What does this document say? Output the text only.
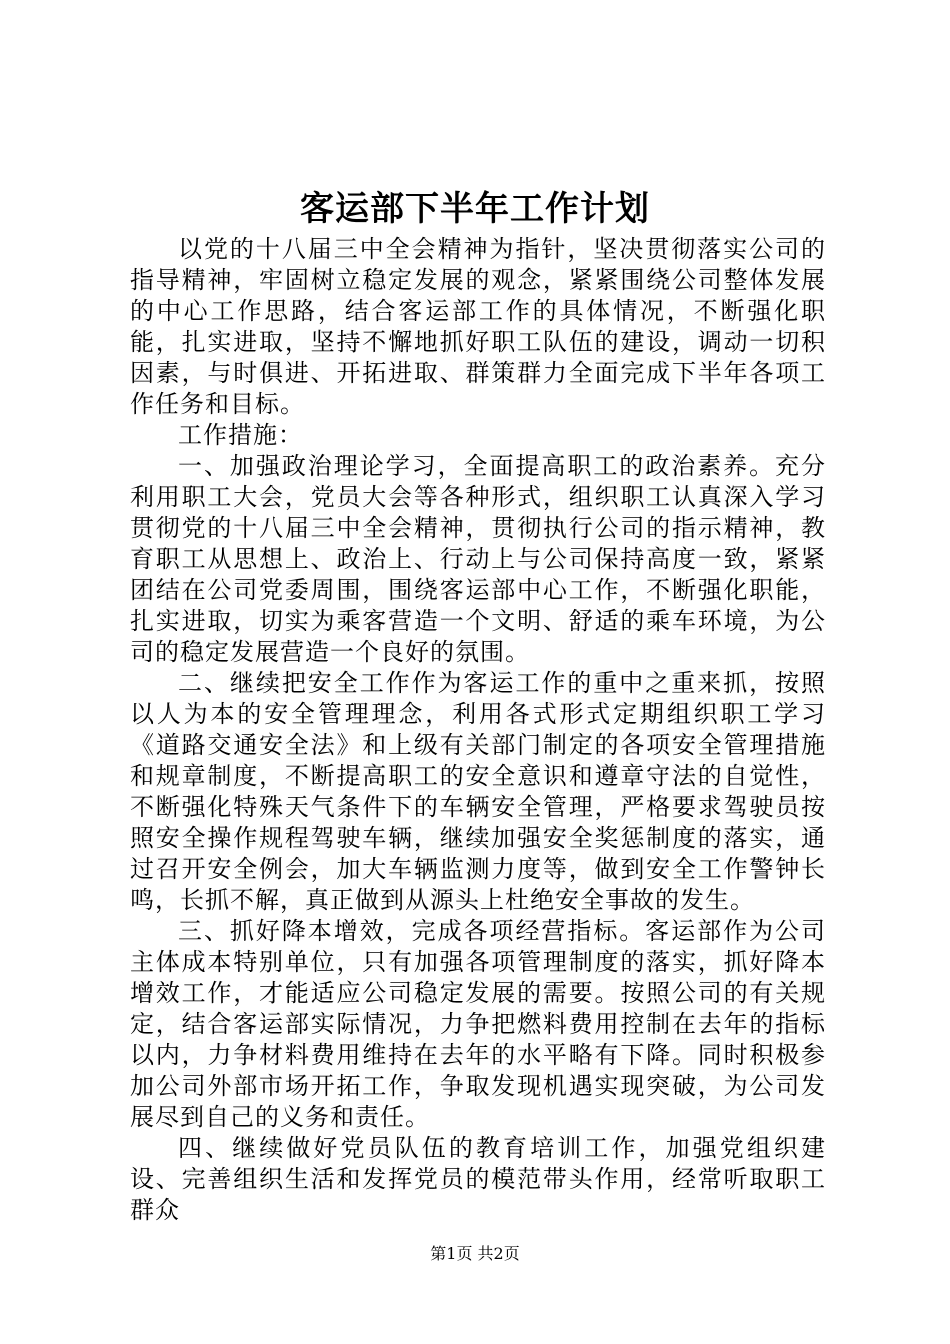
客运部下半年工作计划

以党的十八届三中全会精神为指针，坚决贯彻落实公司的指导精神，牢固树立稳定发展的观念，紧紧围绕公司整体发展的中心工作思路，结合客运部工作的具体情况，不断强化职能，扎实进取，坚持不懈地抓好职工队伍的建设，调动一切积因素，与时俱进、开拓进取、群策群力全面完成下半年各项工作任务和目标。

工作措施：

一、加强政治理论学习，全面提高职工的政治素养。充分利用职工大会，党员大会等各种形式，组织职工认真深入学习贯彻党的十八届三中全会精神，贯彻执行公司的指示精神，教育职工从思想上、政治上、行动上与公司保持高度一致，紧紧团结在公司党委周围，围绕客运部中心工作，不断强化职能，扎实进取，切实为乘客营造一个文明、舒适的乘车环境，为公司的稳定发展营造一个良好的氛围。

二、继续把安全工作作为客运工作的重中之重来抓，按照以人为本的安全管理理念，利用各式形式定期组织职工学习《道路交通安全法》和上级有关部门制定的各项安全管理措施和规章制度，不断提高职工的安全意识和遵章守法的自觉性，不断强化特殊天气条件下的车辆安全管理，严格要求驾驶员按照安全操作规程驾驶车辆，继续加强安全奖惩制度的落实，通过召开安全例会，加大车辆监测力度等，做到安全工作警钟长鸣，长抓不解，真正做到从源头上杜绝安全事故的发生。

三、抓好降本增效，完成各项经营指标。客运部作为公司主体成本特别单位，只有加强各项管理制度的落实，抓好降本增效工作，才能适应公司稳定发展的需要。按照公司的有关规定，结合客运部实际情况，力争把燃料费用控制在去年的指标以内，力争材料费用维持在去年的水平略有下降。同时积极参加公司外部市场开拓工作，争取发现机遇实现突破，为公司发展尽到自己的义务和责任。

四、继续做好党员队伍的教育培训工作，加强党组织建设、完善组织生活和发挥党员的模范带头作用，经常听取职工群众

第1页 共2页
